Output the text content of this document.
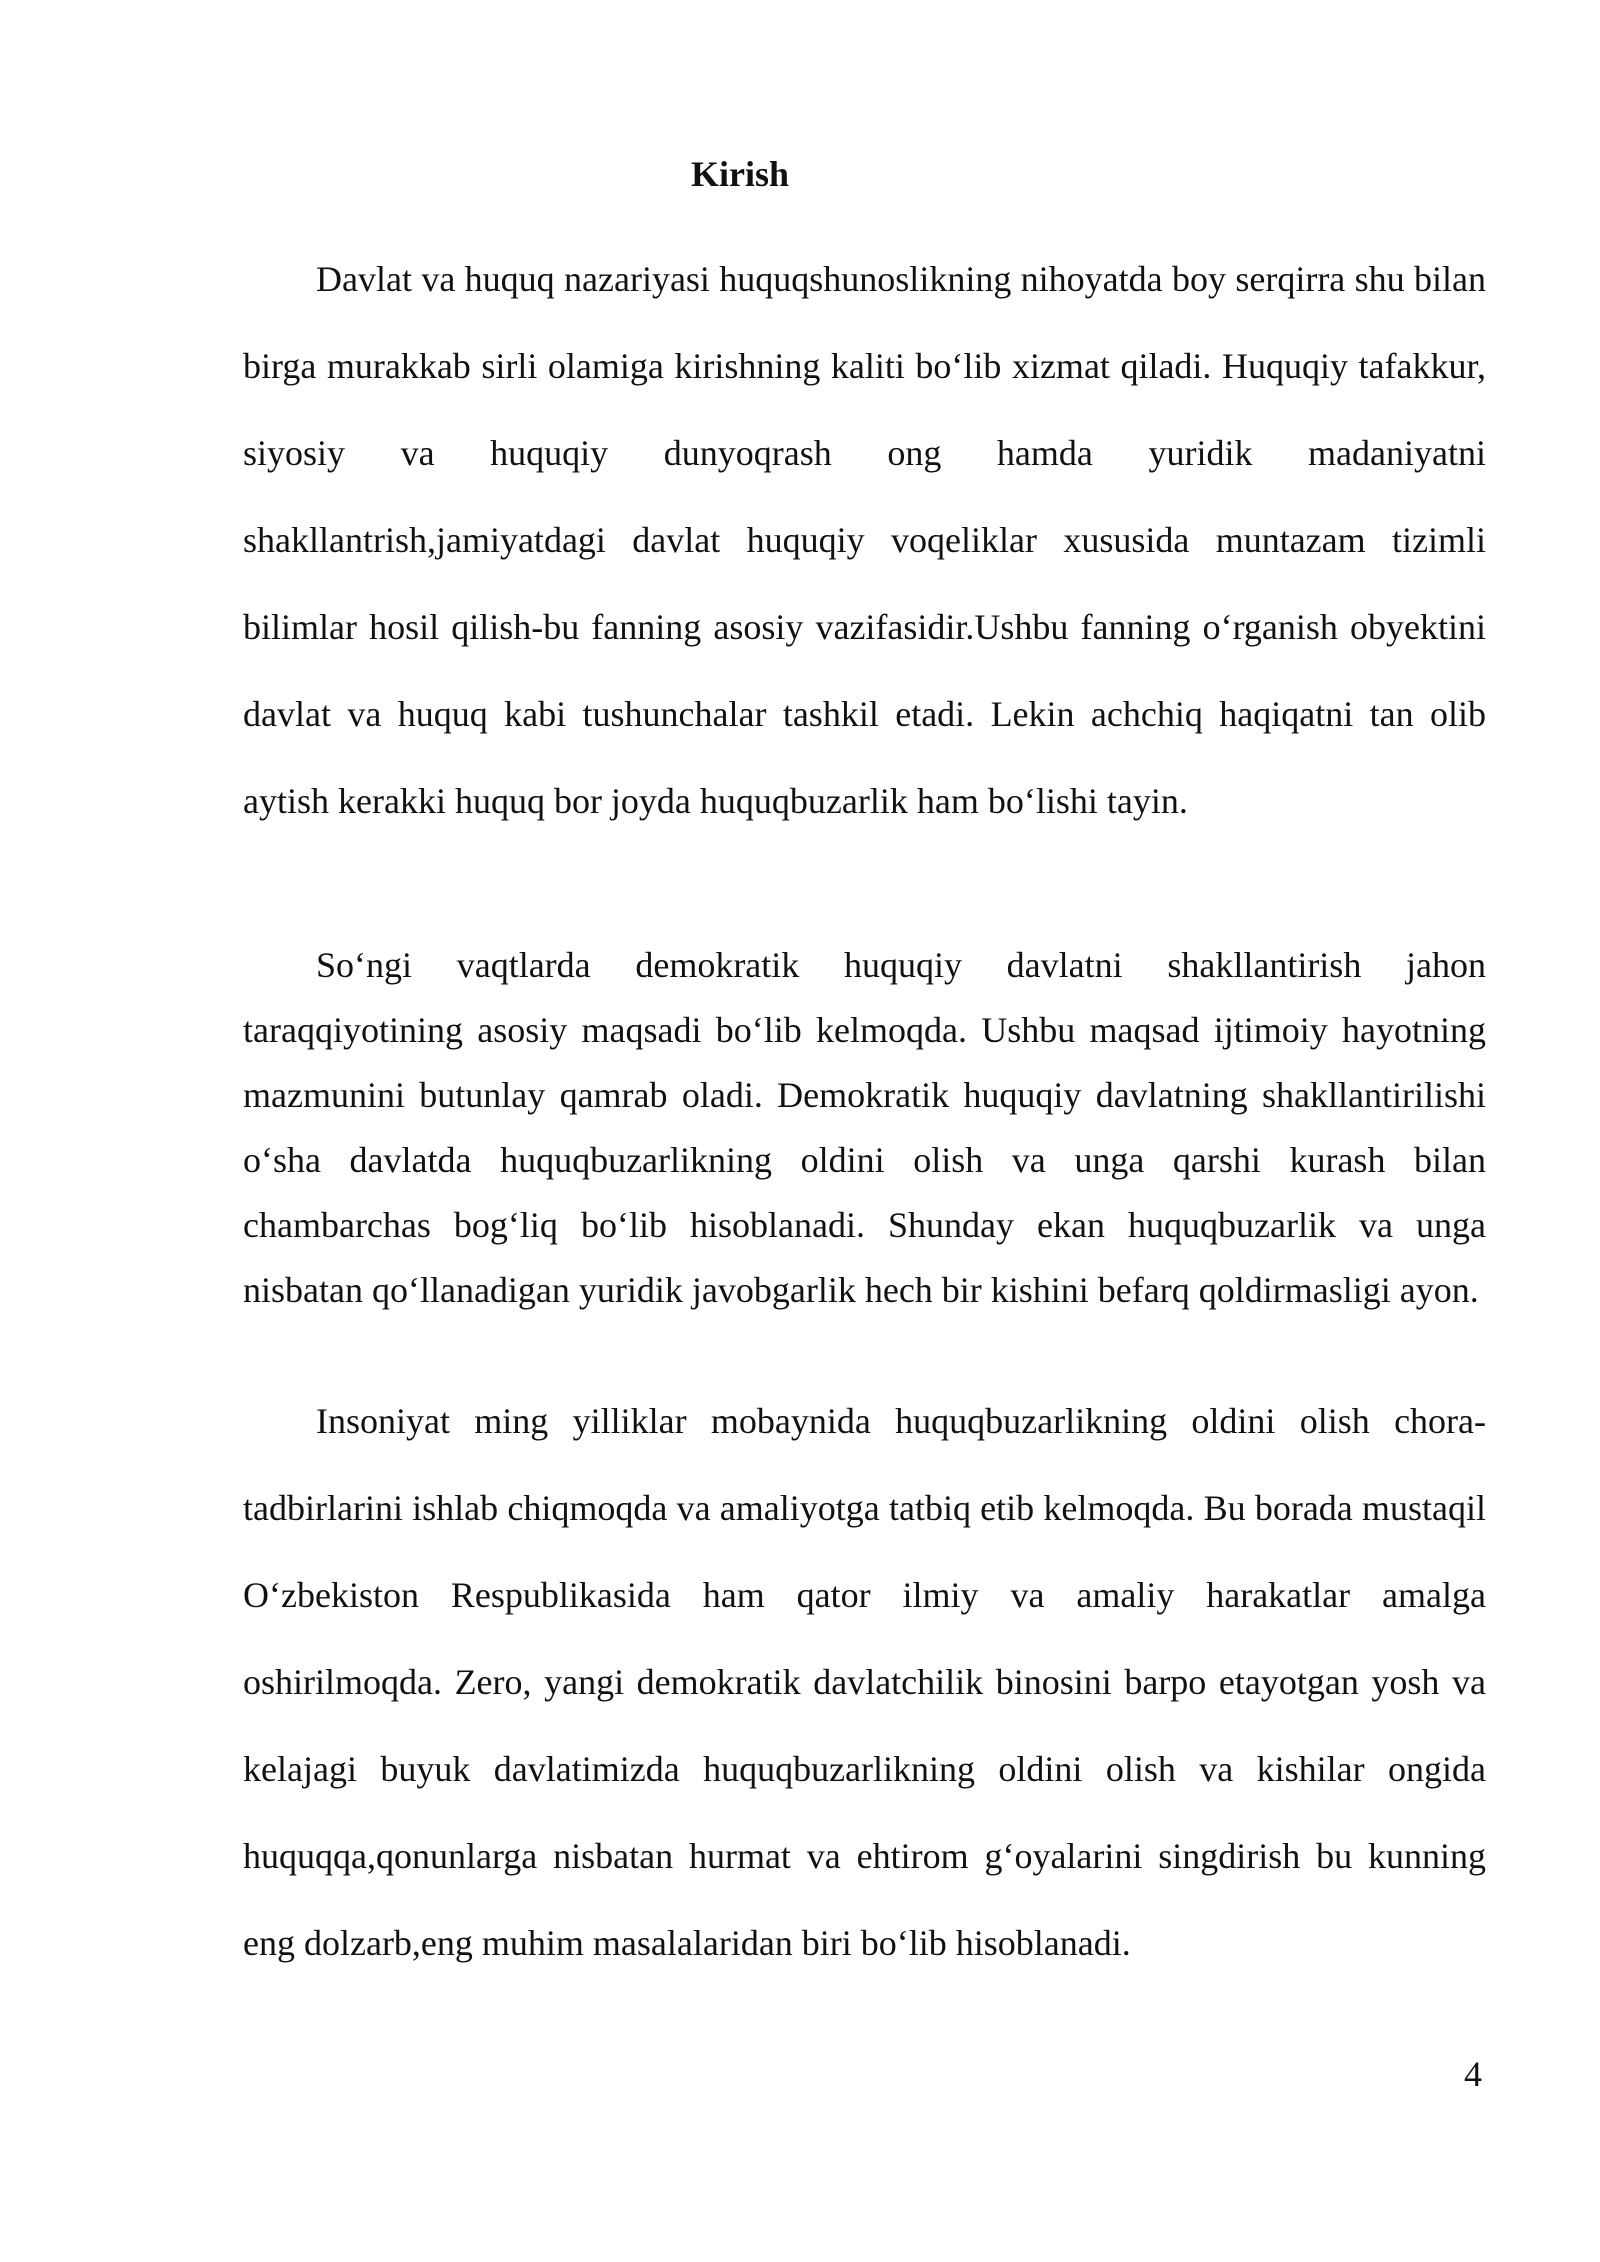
Kirish

Davlat va huquq nazariyasi huquqshunoslikning nihoyatda boy serqirra shu bilan birga murakkab sirli olamiga kirishning kaliti bo‘lib xizmat qiladi. Huquqiy tafakkur, siyosiy va huquqiy dunyoqrash ong hamda yuridik madaniyatni shakllantrish,jamiyatdagi davlat huquqiy voqeliklar xususida muntazam tizimli bilimlar hosil qilish-bu fanning asosiy vazifasidir.Ushbu fanning o‘rganish obyektini davlat va huquq kabi tushunchalar tashkil etadi. Lekin achchiq haqiqatni tan olib aytish kerakki huquq bor joyda huquqbuzarlik ham bo‘lishi tayin.

So‘ngi vaqtlarda demokratik huquqiy davlatni shakllantirish jahon taraqqiyotining asosiy maqsadi bo‘lib kelmoqda. Ushbu maqsad ijtimoiy hayotning mazmunini butunlay qamrab oladi. Demokratik huquqiy davlatning shakllantirilishi o‘sha davlatda huquqbuzarlikning oldini olish va unga qarshi kurash bilan chambarchas bog‘liq bo‘lib hisoblanadi. Shunday ekan huquqbuzarlik va unga nisbatan qo‘llanadigan yuridik javobgarlik hech bir kishini befarq qoldirmasligi ayon.

Insoniyat ming yilliklar mobaynida huquqbuzarlikning oldini olish chora-tadbirlarini ishlab chiqmoqda va amaliyotga tatbiq etib kelmoqda. Bu borada mustaqil O‘zbekiston Respublikasida ham qator ilmiy va amaliy harakatlar amalga oshirilmoqda. Zero, yangi demokratik davlatchilik binosini barpo etayotgan yosh va kelajagi buyuk davlatimizda huquqbuzarlikning oldini olish va kishilar ongida huquqqa,qonunlarga nisbatan hurmat va ehtirom g‘oyalarini singdirish bu kunning eng dolzarb,eng muhim masalalaridan biri bo‘lib hisoblanadi.

4
